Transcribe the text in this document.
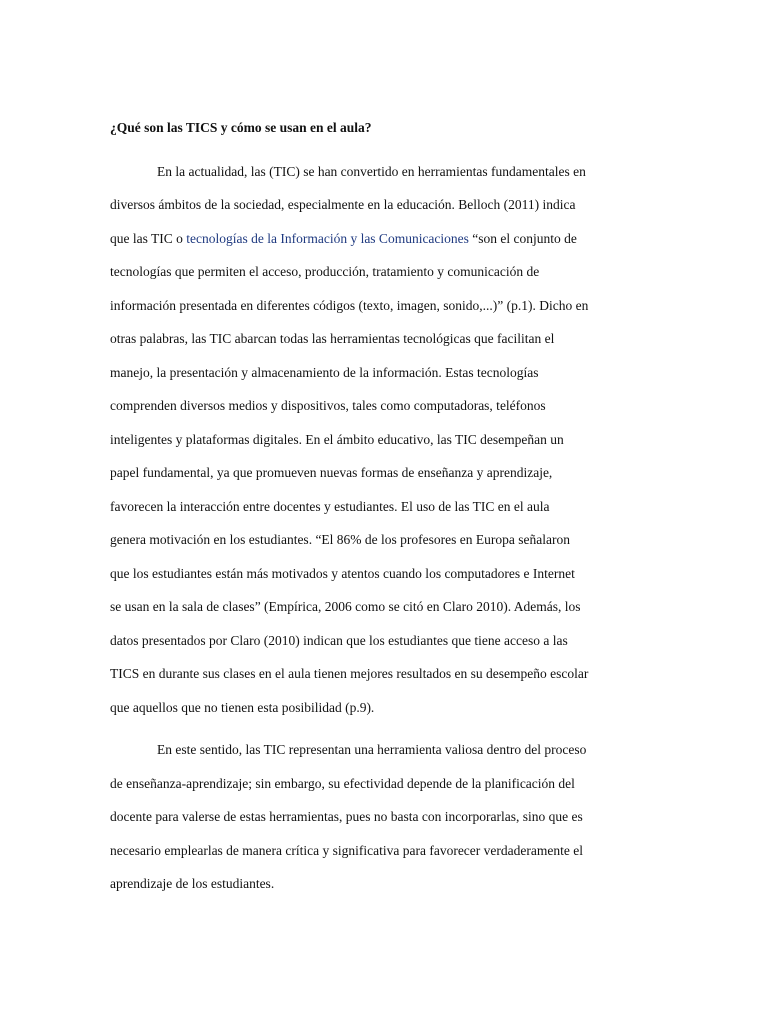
¿Qué son las TICS y cómo se usan en el aula?
En la actualidad, las (TIC) se han convertido en herramientas fundamentales en
diversos ámbitos de la sociedad, especialmente en la educación. Belloch (2011) indica
que las TIC o tecnologías de la Información y las Comunicaciones “son el conjunto de
tecnologías que permiten el acceso, producción, tratamiento y comunicación de
información presentada en diferentes códigos (texto, imagen, sonido,...)” (p.1). Dicho en
otras palabras, las TIC abarcan todas las herramientas tecnológicas que facilitan el
manejo, la presentación y almacenamiento de la información. Estas tecnologías
comprenden diversos medios y dispositivos, tales como computadoras, teléfonos
inteligentes y plataformas digitales. En el ámbito educativo, las TIC desempeñan un
papel fundamental, ya que promueven nuevas formas de enseñanza y aprendizaje,
favorecen la interacción entre docentes y estudiantes. El uso de las TIC en el aula
genera motivación en los estudiantes. “El 86% de los profesores en Europa señalaron
que los estudiantes están más motivados y atentos cuando los computadores e Internet
se usan en la sala de clases” (Empírica, 2006 como se citó en Claro 2010). Además, los
datos presentados por Claro (2010) indican que los estudiantes que tiene acceso a las
TICS en durante sus clases en el aula tienen mejores resultados en su desempeño escolar
que aquellos que no tienen esta posibilidad (p.9).
En este sentido, las TIC representan una herramienta valiosa dentro del proceso
de enseñanza-aprendizaje; sin embargo, su efectividad depende de la planificación del
docente para valerse de estas herramientas, pues no basta con incorporarlas, sino que es
necesario emplearlas de manera crítica y significativa para favorecer verdaderamente el
aprendizaje de los estudiantes.
